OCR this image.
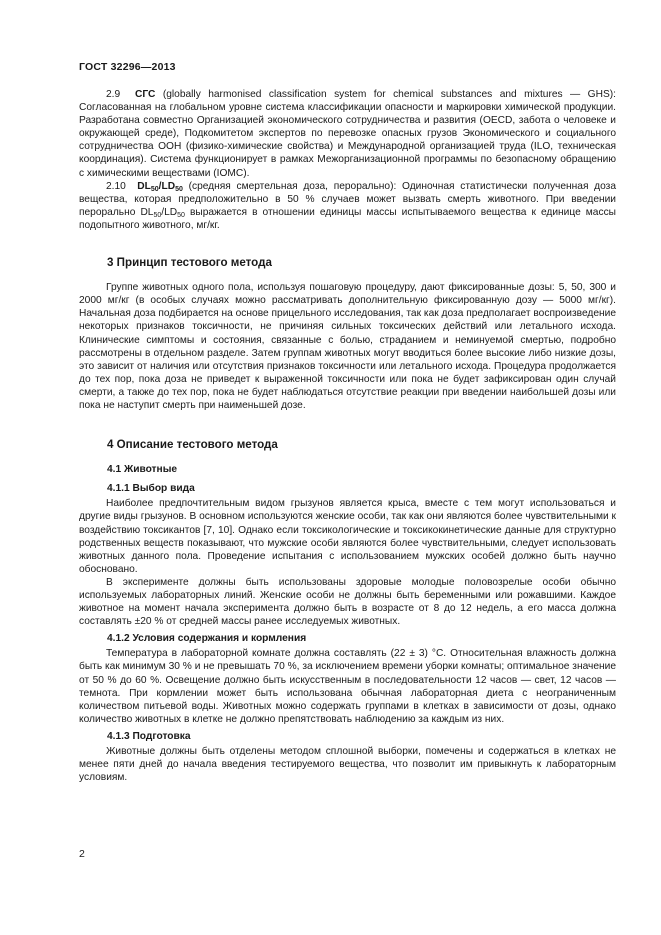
ГОСТ 32296—2013

2.9 СГС (globally harmonised classification system for chemical substances and mixtures — GHS): Согласованная на глобальном уровне система классификации опасности и маркировки химической продукции. Разработана совместно Организацией экономического сотрудничества и развития (OECD, забота о человеке и окружающей среде), Подкомитетом экспертов по перевозке опасных грузов Экономического и социального сотрудничества ООН (физико-химические свойства) и Международной организацией труда (ILO, техническая координация). Система функционирует в рамках Межорганизационной программы по безопасному обращению с химическими веществами (IOMC).

2.10 $DL_{50}/LD_{50}$ (средняя смертельная доза, перорально): Одиночная статистически полученная доза вещества, которая предположительно в 50 % случаев может вызвать смерть животного. При введении перорально $DL_{50}/LD_{50}$ выражается в отношении единицы массы испытываемого вещества к единице массы подопытного животного, мг/кг.

3 Принцип тестового метода

Группе животных одного пола, используя пошаговую процедуру, дают фиксированные дозы: 5, 50, 300 и 2000 мг/кг (в особых случаях можно рассматривать дополнительную фиксированную дозу — 5000 мг/кг). Начальная доза подбирается на основе прицельного исследования, так как доза предполагает воспроизведение некоторых признаков токсичности, не причиняя сильных токсических действий или летального исхода. Клинические симптомы и состояния, связанные с болью, страданием и неминуемой смертью, подробно рассмотрены в отдельном разделе. Затем группам животных могут вводиться более высокие либо низкие дозы, это зависит от наличия или отсутствия признаков токсичности или летального исхода. Процедура продолжается до тех пор, пока доза не приведет к выраженной токсичности или пока не будет зафиксирован один случай смерти, а также до тех пор, пока не будет наблюдаться отсутствие реакции при введении наибольшей дозы или пока не наступит смерть при наименьшей дозе.

4 Описание тестового метода
4.1 Животные
4.1.1 Выбор вида

Наиболее предпочтительным видом грызунов является крыса, вместе с тем могут использоваться и другие виды грызунов. В основном используются женские особи, так как они являются более чувствительными к воздействию токсикантов [7, 10]. Однако если токсикологические и токсикокинетические данные для структурно родственных веществ показывают, что мужские особи являются более чувствительными, следует использовать животных данного пола. Проведение испытания с использованием мужских особей должно быть научно обосновано.

В эксперименте должны быть использованы здоровые молодые половозрелые особи обычно используемых лабораторных линий. Женские особи не должны быть беременными или рожавшими. Каждое животное на момент начала эксперимента должно быть в возрасте от 8 до 12 недель, а его масса должна составлять ±20 % от средней массы ранее исследуемых животных.

4.1.2 Условия содержания и кормления

Температура в лабораторной комнате должна составлять (22 ± 3) °С. Относительная влажность должна быть как минимум 30 % и не превышать 70 %, за исключением времени уборки комнаты; оптимальное значение от 50 % до 60 %. Освещение должно быть искусственным в последовательности 12 часов — свет, 12 часов — темнота. При кормлении может быть использована обычная лабораторная диета с неограниченным количеством питьевой воды. Животных можно содержать группами в клетках в зависимости от дозы, однако количество животных в клетке не должно препятствовать наблюдению за каждым из них.

4.1.3 Подготовка

Животные должны быть отделены методом сплошной выборки, помечены и содержаться в клетках не менее пяти дней до начала введения тестируемого вещества, что позволит им привыкнуть к лабораторным условиям.

2
